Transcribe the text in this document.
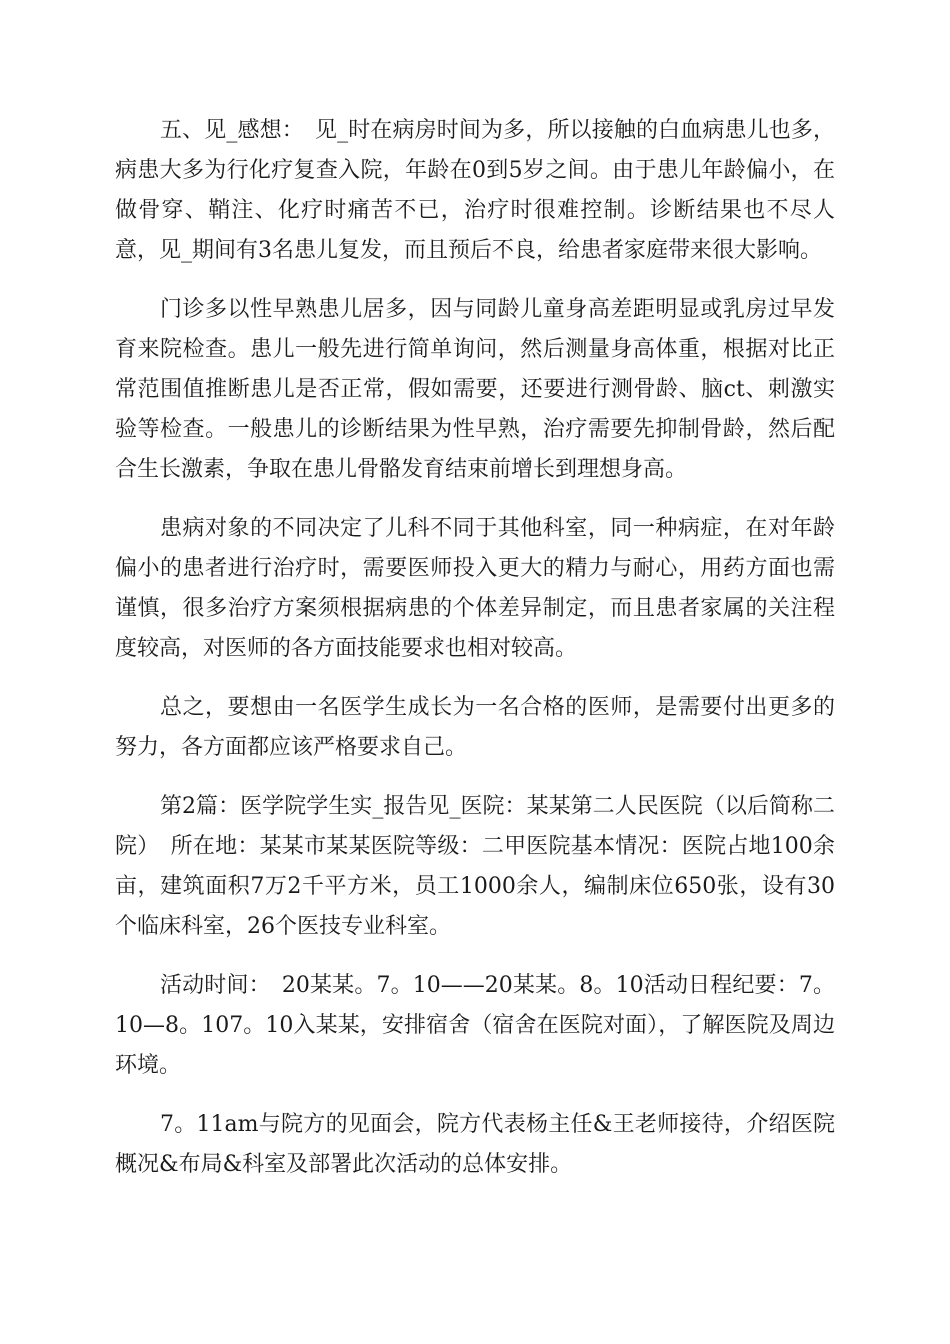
五、见_感想：　见_时在病房时间为多，所以接触的白血病患儿也多，病患大多为行化疗复查入院，年龄在0到5岁之间。由于患儿年龄偏小，在做骨穿、鞘注、化疗时痛苦不已，治疗时很难控制。诊断结果也不尽人意，见_期间有3名患儿复发，而且预后不良，给患者家庭带来很大影响。

门诊多以性早熟患儿居多，因与同龄儿童身高差距明显或乳房过早发育来院检查。患儿一般先进行简单询问，然后测量身高体重，根据对比正常范围值推断患儿是否正常，假如需要，还要进行测骨龄、脑ct、刺激实验等检查。一般患儿的诊断结果为性早熟，治疗需要先抑制骨龄，然后配合生长激素，争取在患儿骨骼发育结束前增长到理想身高。

患病对象的不同决定了儿科不同于其他科室，同一种病症，在对年龄偏小的患者进行治疗时，需要医师投入更大的精力与耐心，用药方面也需谨慎，很多治疗方案须根据病患的个体差异制定，而且患者家属的关注程度较高，对医师的各方面技能要求也相对较高。

总之，要想由一名医学生成长为一名合格的医师，是需要付出更多的努力，各方面都应该严格要求自己。

第2篇：医学院学生实_报告见_医院：某某第二人民医院（以后简称二院）　所在地：某某市某某医院等级：二甲医院基本情况：医院占地100余亩，建筑面积7万2千平方米，员工1000余人，编制床位650张，设有30个临床科室，26个医技专业科室。

活动时间：　20某某。7。10——20某某。8。10活动日程纪要：7。10—8。107。10入某某，安排宿舍（宿舍在医院对面），了解医院及周边环境。

7。11am与院方的见面会，院方代表杨主任&王老师接待，介绍医院概况&布局&科室及部署此次活动的总体安排。
